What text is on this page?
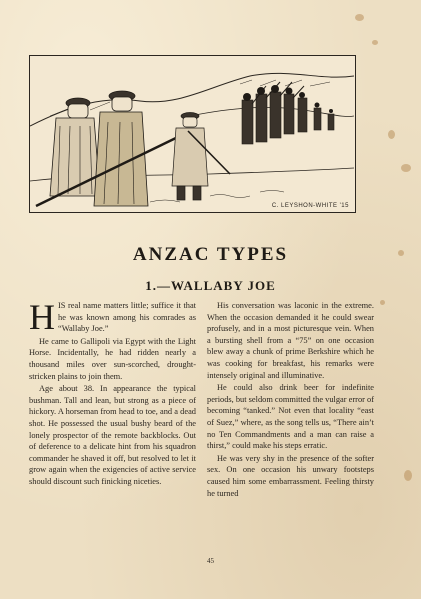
C. LEYSHON-WHITE '15
ANZAC TYPES
1.—WALLABY JOE

HIS real name matters little; suffice it that he was known among his comrades as “Wallaby Joe.”

He came to Gallipoli via Egypt with the Light Horse. Incidentally, he had ridden nearly a thousand miles over sun-scorched, drought-stricken plains to join them.

Age about 38. In appearance the typical bushman. Tall and lean, but strong as a piece of hickory. A horseman from head to toe, and a dead shot. He possessed the usual bushy beard of the lonely prospector of the remote backblocks. Out of deference to a delicate hint from his squadron commander he shaved it off, but resolved to let it grow again when the exigencies of active service should discount such finicking niceties.

His conversation was laconic in the extreme. When the occasion demanded it he could swear profusely, and in a most picturesque vein. When a bursting shell from a “75” on one occasion blew away a chunk of prime Berkshire which he was cooking for breakfast, his remarks were intensely original and illuminative.

He could also drink beer for indefinite periods, but seldom committed the vulgar error of becoming “tanked.” Not even that locality “east of Suez,” where, as the song tells us, “There ain’t no Ten Commandments and a man can raise a thirst,” could make his steps erratic.

He was very shy in the presence of the softer sex. On one occasion his unwary footsteps caused him some embarrassment. Feeling thirsty he turned

45
